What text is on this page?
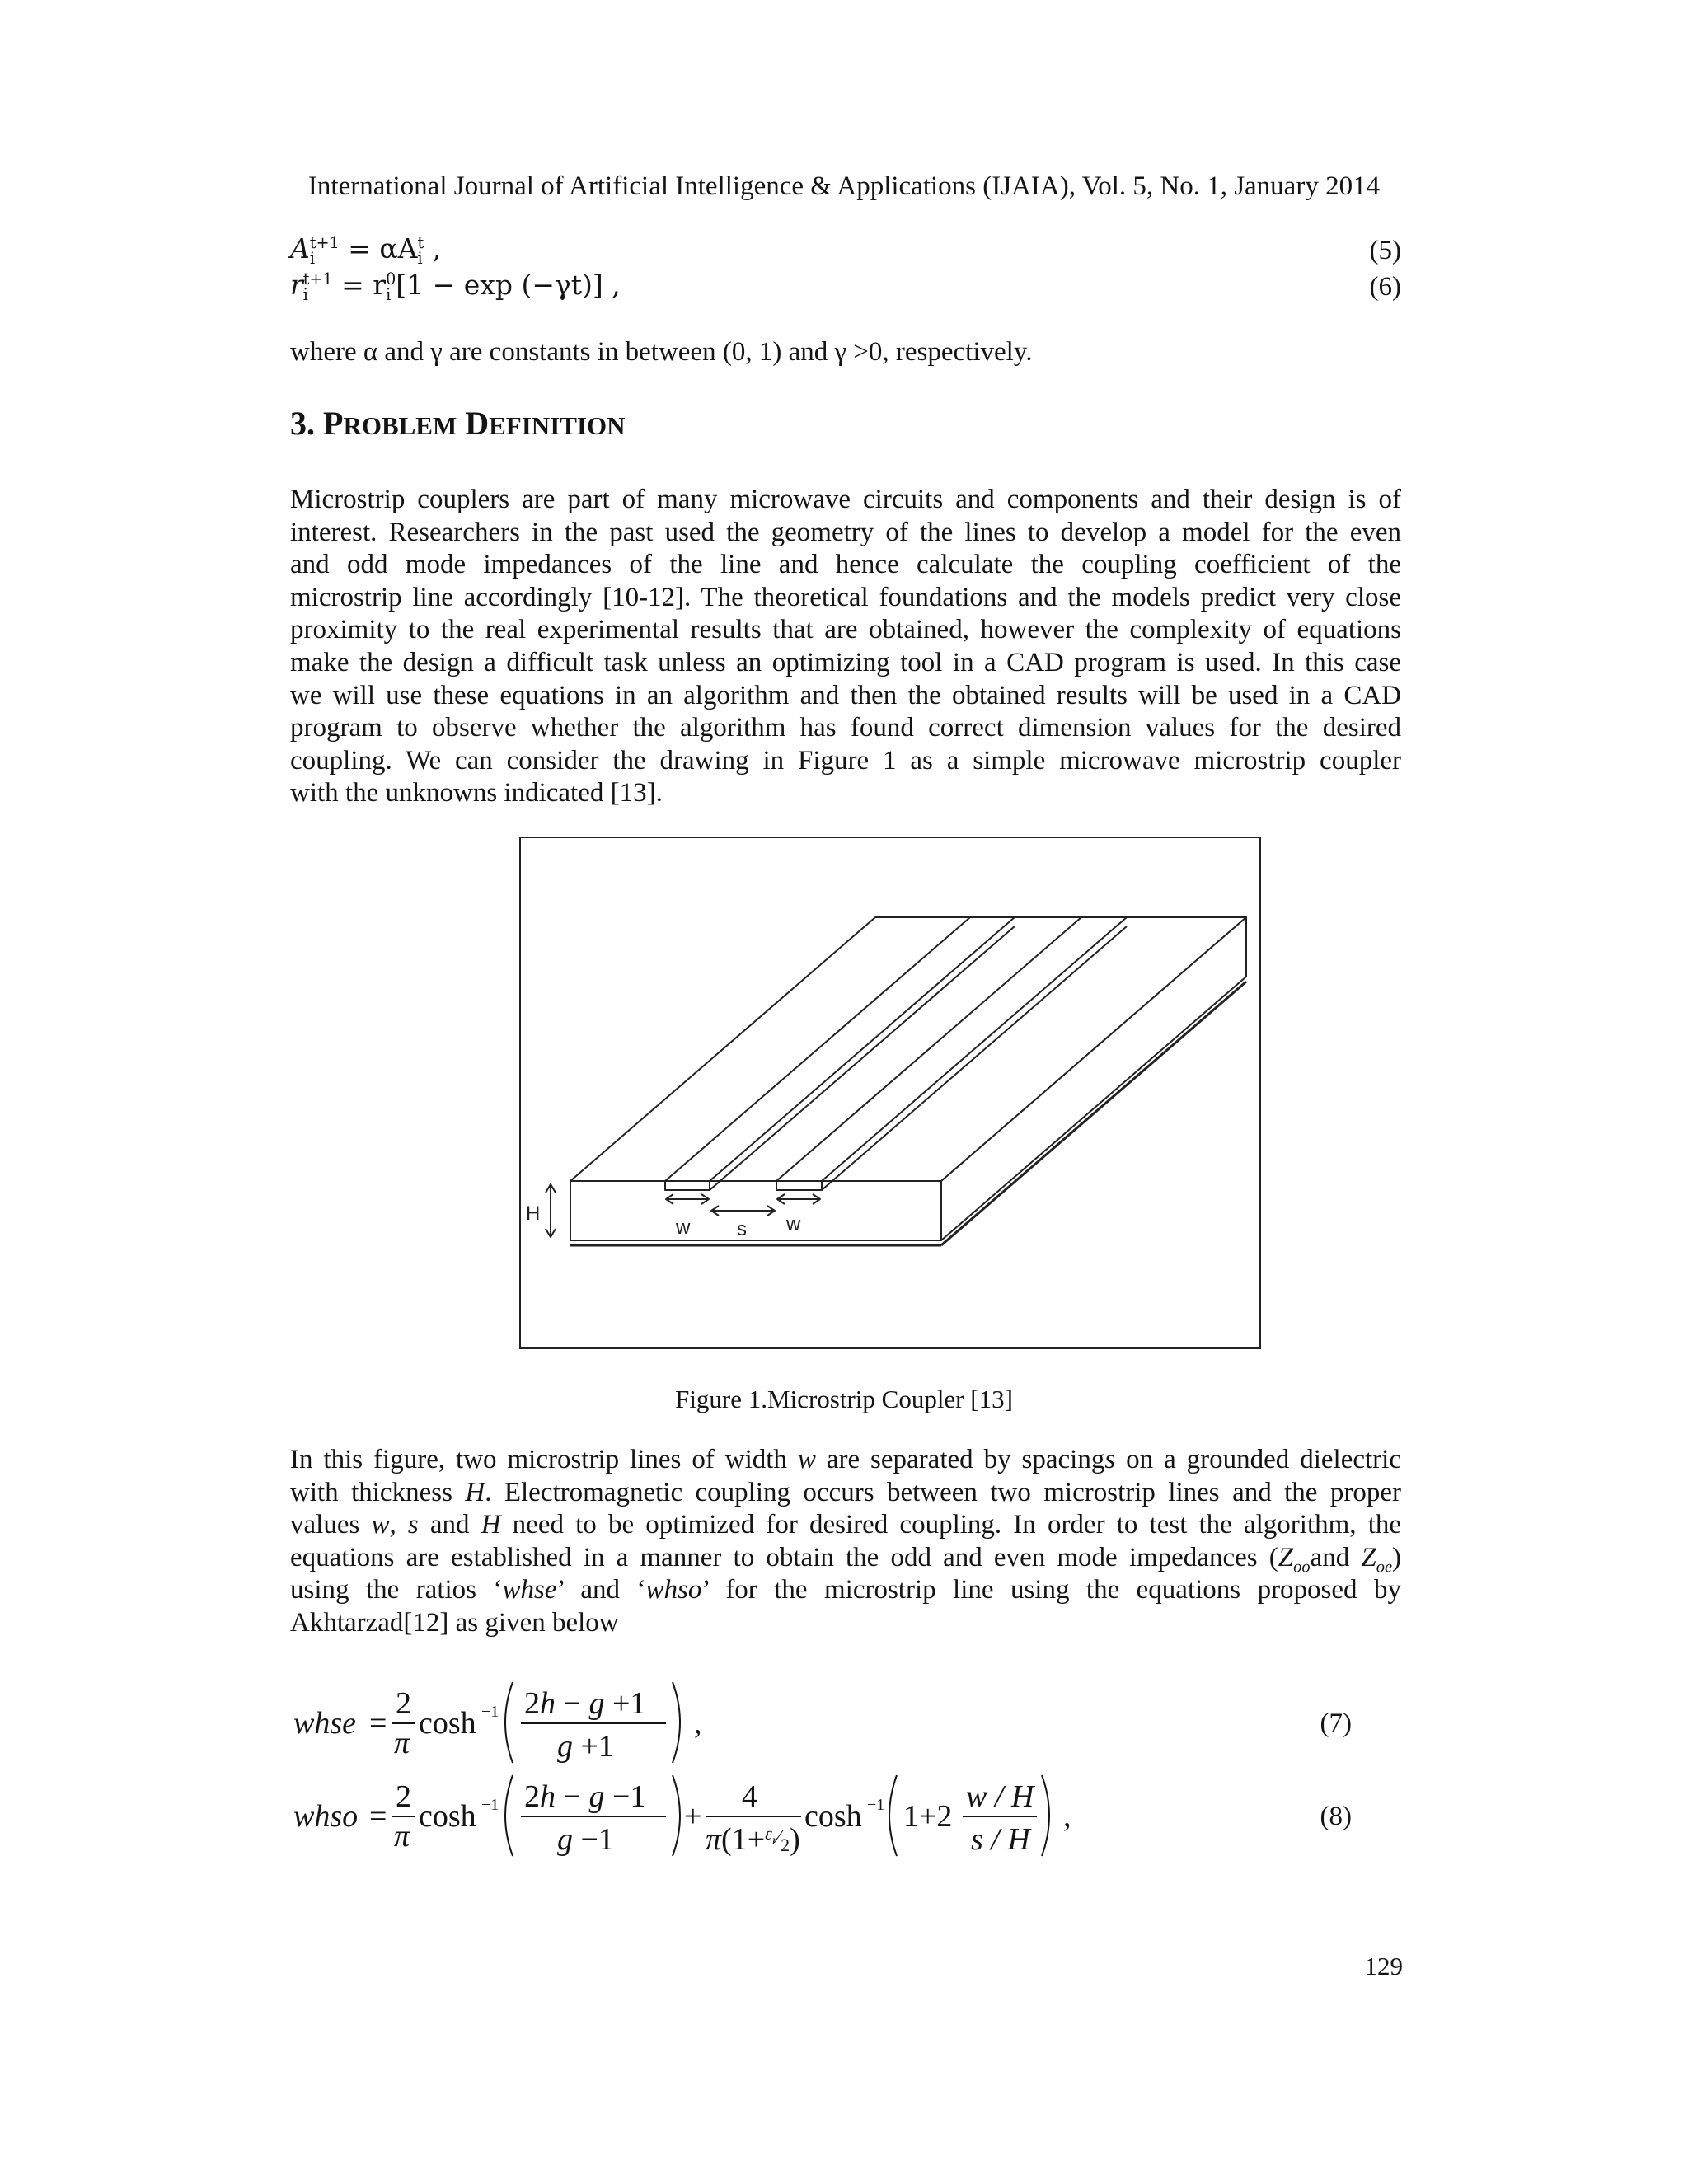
International Journal of Artificial Intelligence & Applications (IJAIA), Vol. 5, No. 1, January 2014
A t+1
i = αA t
i ,	(5)
r t+1
i = r 0
i [1 − exp (−γt)] ,	(6)
where α and γ are constants in between (0, 1) and γ >0, respectively.
3. PROBLEM DEFINITION
Microstrip couplers are part of many microwave circuits and components and their design is of
interest. Researchers in the past used the geometry of the lines to develop a model for the even
and odd mode impedances of the line and hence calculate the coupling coefficient of the
microstrip line accordingly [10-12]. The theoretical foundations and the models predict very close
proximity to the real experimental results that are obtained, however the complexity of equations
make the design a difficult task unless an optimizing tool in a CAD program is used. In this case
we will use these equations in an algorithm and then the obtained results will be used in a CAD
program to observe whether the algorithm has found correct dimension values for the desired
coupling. We can consider the drawing in Figure 1 as a simple microwave microstrip coupler
with the unknowns indicated [13].
H
w s w
Figure 1.Microstrip Coupler [13]
In this figure, two microstrip lines of width w are separated by spacings on a grounded dielectric
with thickness H. Electromagnetic coupling occurs between two microstrip lines and the proper
values w, s and H need to be optimized for desired coupling. In order to test the algorithm, the
equations are established in a manner to obtain the odd and even mode impedances ($Z_{oo}and$ $Z_{oe}$)
using the ratios ‘whse’ and ‘whso’ for the microstrip line using the equations proposed by
Akhtarzad[12] as given below
whse =
2
π
cosh −1 2h − g +1
g +1
,	(7)
whso =
2
π
cosh −1 2h − g −1
g −1
+
4
$\pi(1+^\varepsilon r⁄_2)$
cosh −1 1+2
w / H
s / H
,	(8)
129
